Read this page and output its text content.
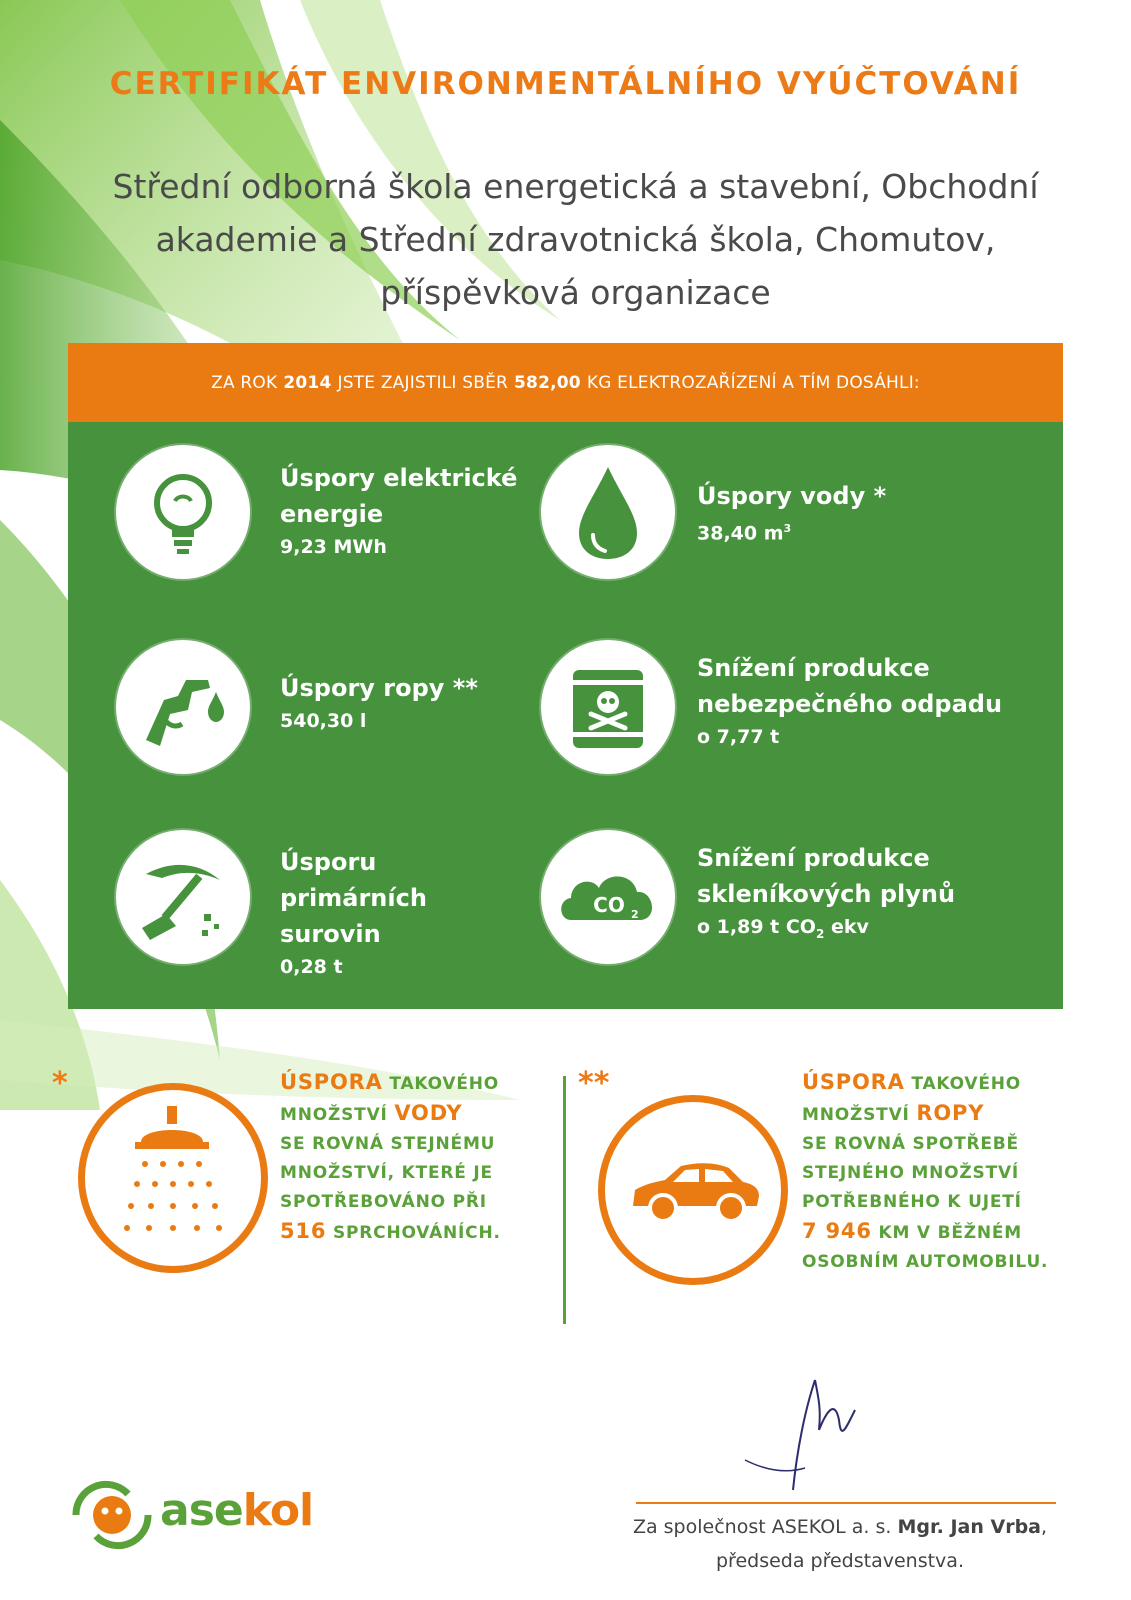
CERTIFIKÁT ENVIRONMENTÁLNÍHO VYÚČTOVÁNÍ
Střední odborná škola energetická a stavební, Obchodní
akademie a Střední zdravotnická škola, Chomutov,
příspěvková organizace
ZA ROK 2014 JSTE ZAJISTILI SBĚR 582,00 KG ELEKTROZAŘÍZENÍ A TÍM DOSÁHLI:
Úspory elektrické energie
9,23 MWh
Úspory vody *
38,40 $m^3$
Úspory ropy **
540,30 l
Snížení produkce nebezpečného odpadu
o 7,77 t
Úsporu primárních surovin
0,28 t
CO 2
Snížení produkce skleníkových plynů
o 1,89 t $CO_2$ ekv
*	ÚSPORA TAKOVÉHO
MNOŽSTVÍ VODY
SE ROVNÁ STEJNÉMU
MNOŽSTVÍ, KTERÉ JE
SPOTŘEBOVÁNO PŘI
516 SPRCHOVÁNÍCH.
**	ÚSPORA TAKOVÉHO
MNOŽSTVÍ ROPY
SE ROVNÁ SPOTŘEBĚ
STEJNÉHO MNOŽSTVÍ
POTŘEBNÉHO K UJETÍ
7 946 KM V BĚŽNÉM
OSOBNÍM AUTOMOBILU.
asekol	Za společnost ASEKOL a. s. Mgr. Jan Vrba,
předseda představenstva.
